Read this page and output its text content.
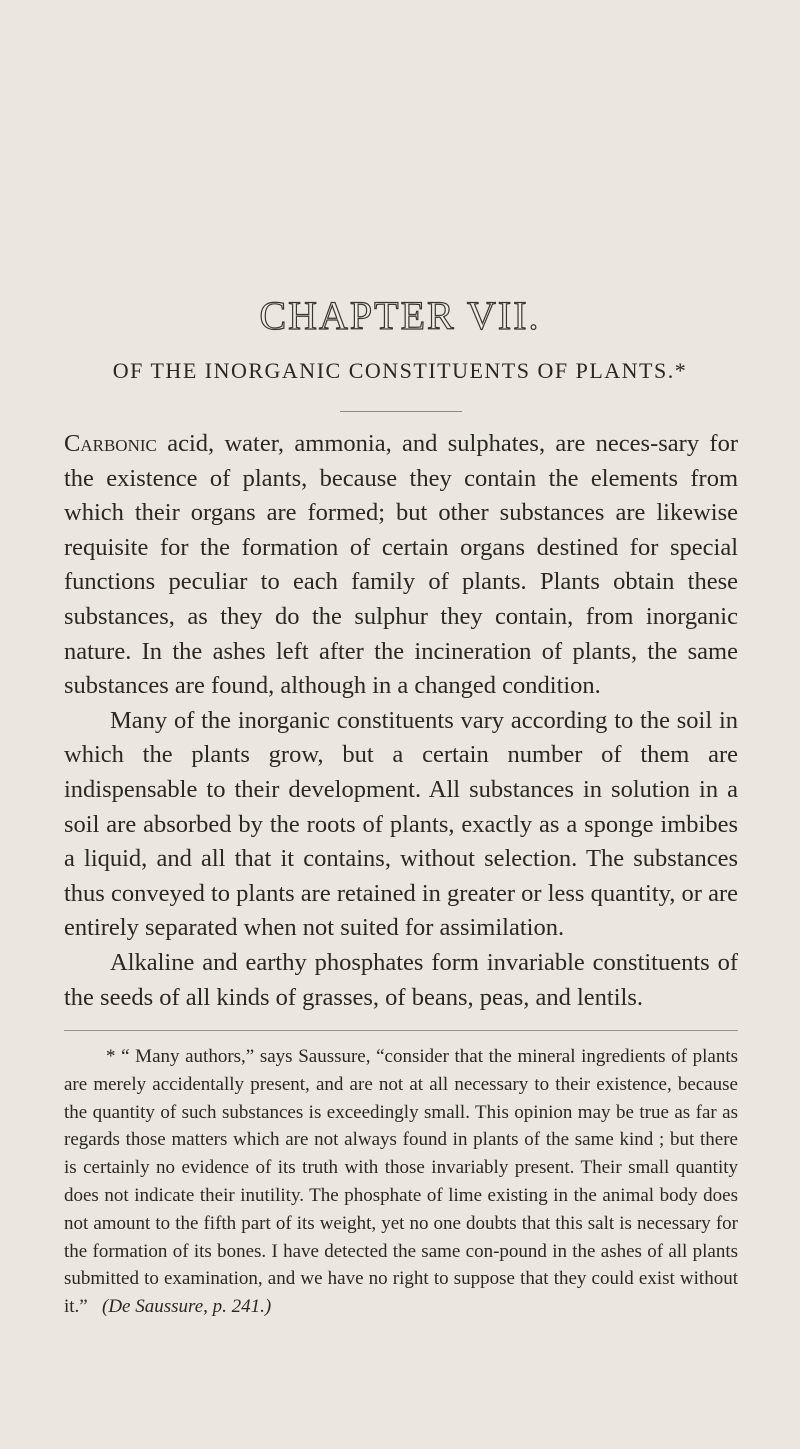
CHAPTER VII.
OF THE INORGANIC CONSTITUENTS OF PLANTS.*

Carbonic acid, water, ammonia, and sulphates, are neces-sary for the existence of plants, because they contain the elements from which their organs are formed; but other substances are likewise requisite for the formation of certain organs destined for special functions peculiar to each family of plants. Plants obtain these substances, as they do the sulphur they contain, from inorganic nature. In the ashes left after the incineration of plants, the same substances are found, although in a changed condition.

Many of the inorganic constituents vary according to the soil in which the plants grow, but a certain number of them are indispensable to their development. All substances in solution in a soil are absorbed by the roots of plants, exactly as a sponge imbibes a liquid, and all that it contains, without selection. The substances thus conveyed to plants are retained in greater or less quantity, or are entirely separated when not suited for assimilation.

Alkaline and earthy phosphates form invariable constituents of the seeds of all kinds of grasses, of beans, peas, and lentils.

* “ Many authors,” says Saussure, “consider that the mineral ingredients of plants are merely accidentally present, and are not at all necessary to their existence, because the quantity of such substances is exceedingly small. This opinion may be true as far as regards those matters which are not always found in plants of the same kind ; but there is certainly no evidence of its truth with those invariably present. Their small quantity does not indicate their inutility. The phosphate of lime existing in the animal body does not amount to the fifth part of its weight, yet no one doubts that this salt is necessary for the formation of its bones. I have detected the same con-pound in the ashes of all plants submitted to examination, and we have no right to suppose that they could exist without it.” (De Saussure, p. 241.)
